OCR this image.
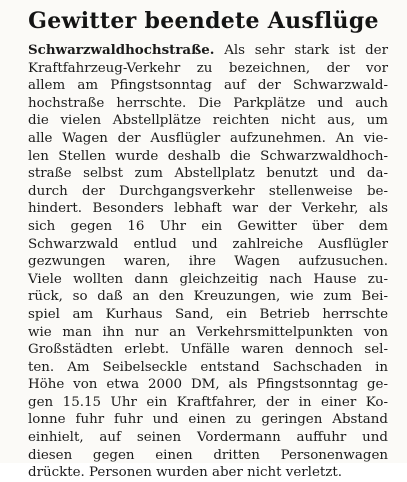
Gewitter beendete Ausflüge
Schwarzwaldhochstraße. Als sehr stark ist der
Kraftfahrzeug-Verkehr zu bezeichnen, der vor
allem am Pfingstsonntag auf der Schwarzwald-
hochstraße herrschte. Die Parkplätze und auch
die vielen Abstellplätze reichten nicht aus, um
alle Wagen der Ausflügler aufzunehmen. An vie-
len Stellen wurde deshalb die Schwarzwaldhoch-
straße selbst zum Abstellplatz benutzt und da-
durch der Durchgangsverkehr stellenweise be-
hindert. Besonders lebhaft war der Verkehr, als
sich gegen 16 Uhr ein Gewitter über dem
Schwarzwald entlud und zahlreiche Ausflügler
gezwungen waren, ihre Wagen aufzusuchen.
Viele wollten dann gleichzeitig nach Hause zu-
rück, so daß an den Kreuzungen, wie zum Bei-
spiel am Kurhaus Sand, ein Betrieb herrschte
wie man ihn nur an Verkehrsmittelpunkten von
Großstädten erlebt. Unfälle waren dennoch sel-
ten. Am Seibelseckle entstand Sachschaden in
Höhe von etwa 2000 DM, als Pfingstsonntag ge-
gen 15.15 Uhr ein Kraftfahrer, der in einer Ko-
lonne fuhr fuhr und einen zu geringen Abstand
einhielt, auf seinen Vordermann auffuhr und
diesen gegen einen dritten Personenwagen
drückte. Personen wurden aber nicht verletzt.
